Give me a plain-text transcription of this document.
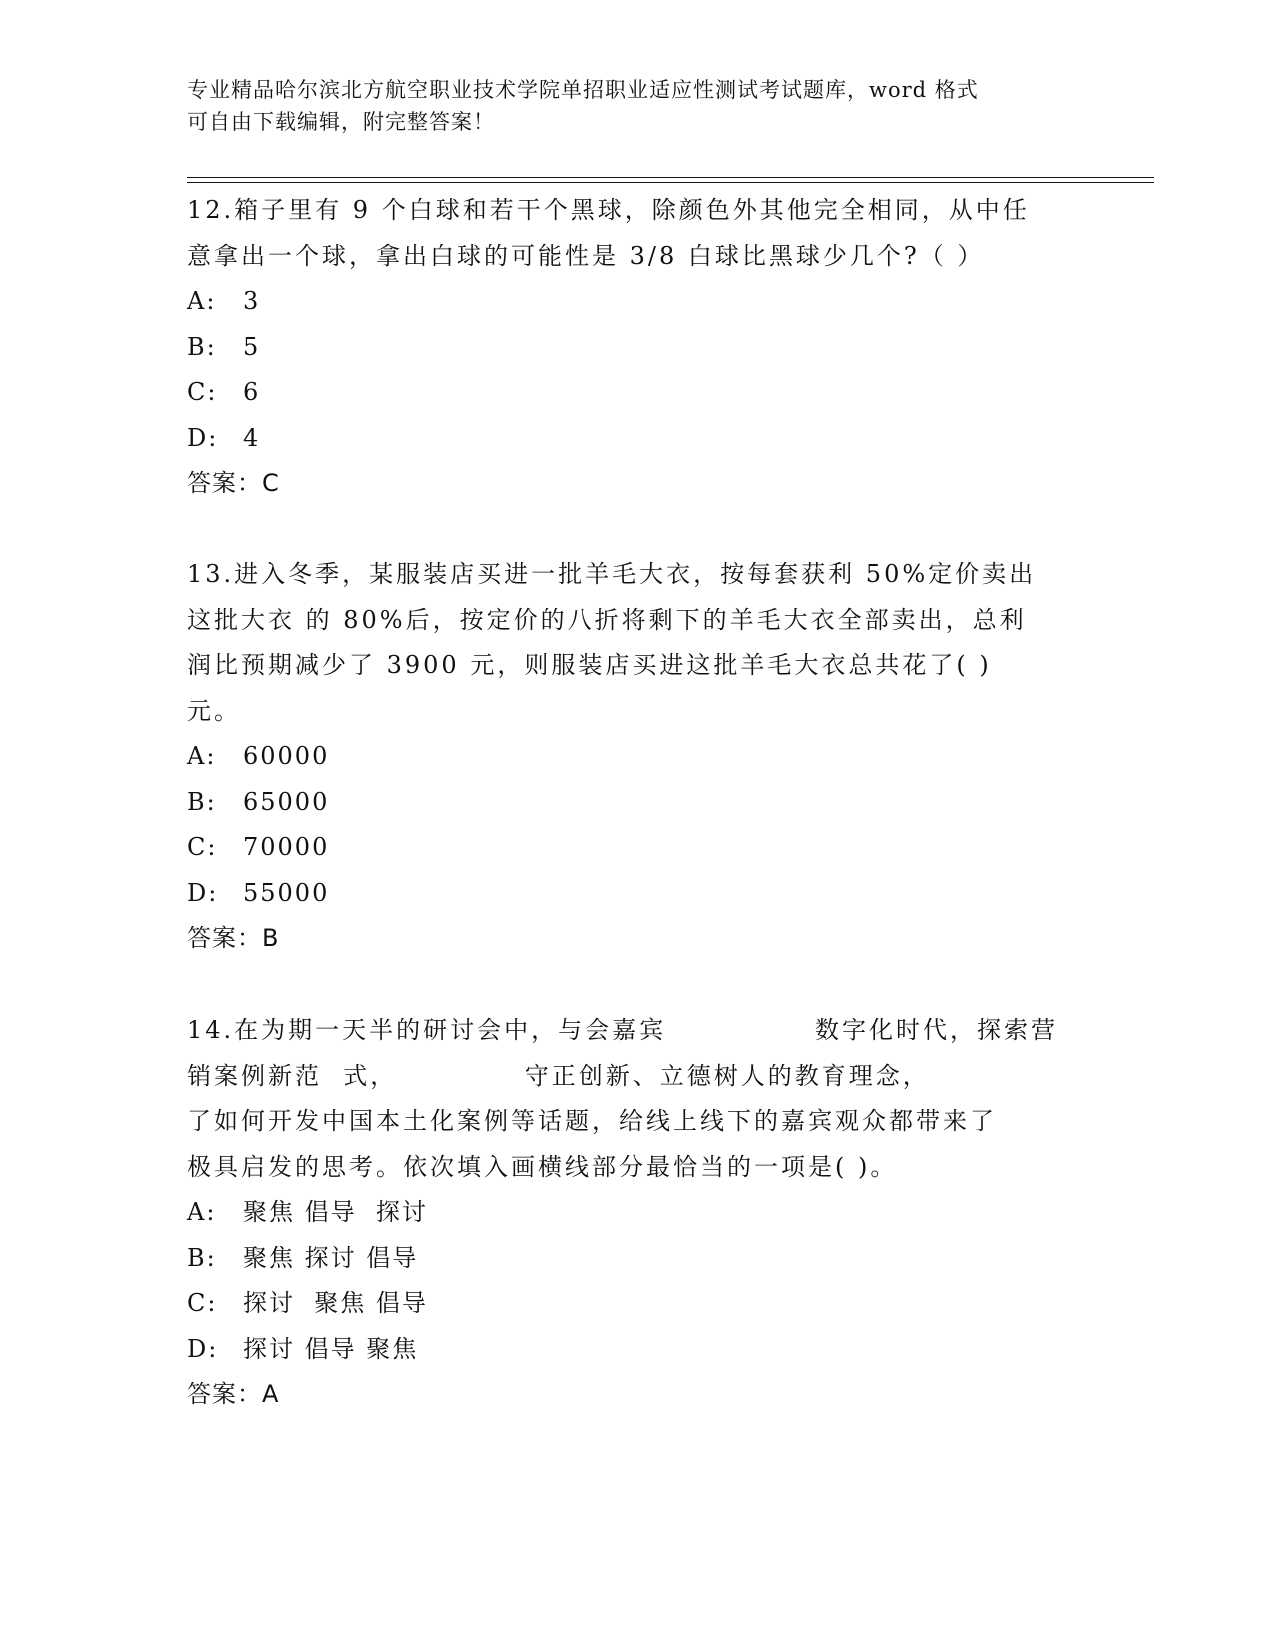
专业精品哈尔滨北方航空职业技术学院单招职业适应性测试考试题库，word 格式
可自由下载编辑，附完整答案！
12.箱子里有 9 个白球和若干个黑球，除颜色外其他完全相同，从中任
意拿出一个球，拿出白球的可能性是 3/8 白球比黑球少几个?（ ）
A:	3
B:	5
C:	6
D:	4
答案：C
13.进入冬季，某服装店买进一批羊毛大衣，按每套获利 50%定价卖出
这批大衣 的 80%后，按定价的八折将剩下的羊毛大衣全部卖出，总利
润比预期减少了 3900 元，则服装店买进这批羊毛大衣总共花了( )
元。
A:	60000
B:	65000
C:	70000
D:	55000
答案：B
14.在为期一天半的研讨会中，与会嘉宾              数字化时代，探索营
销案例新范  式，            守正创新、立德树人的教育理念，
了如何开发中国本土化案例等话题，给线上线下的嘉宾观众都带来了
极具启发的思考。依次填入画横线部分最恰当的一项是( )。
A:	聚焦 倡导  探讨
B:	聚焦 探讨 倡导
C:	探讨  聚焦 倡导
D:	探讨 倡导 聚焦
答案：A
